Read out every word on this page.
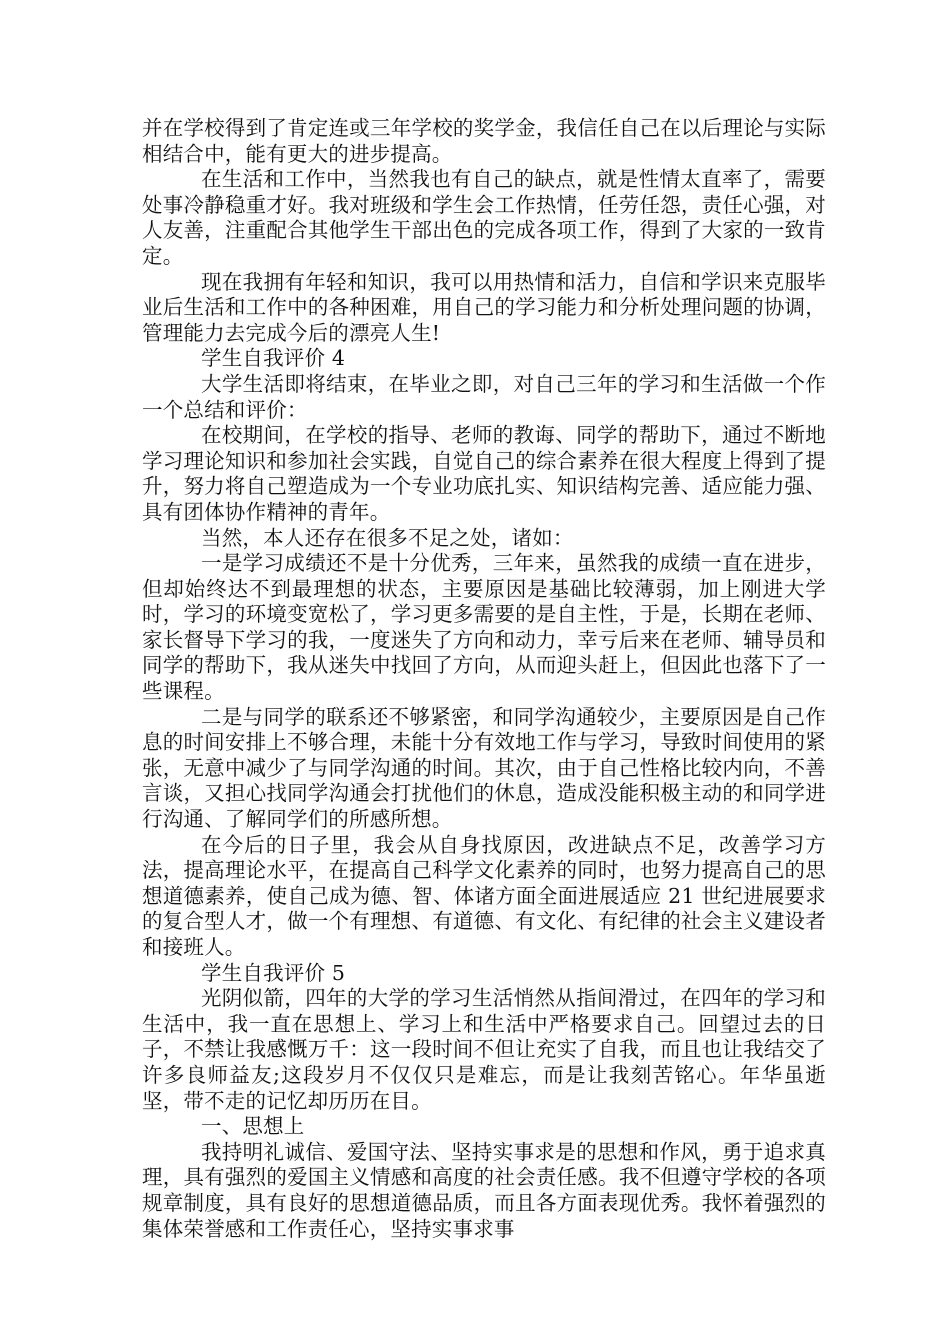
并在学校得到了肯定连或三年学校的奖学金，我信任自己在以后理论与实际相结合中，能有更大的进步提高。

在生活和工作中，当然我也有自己的缺点，就是性情太直率了，需要处事冷静稳重才好。我对班级和学生会工作热情，任劳任怨，责任心强，对人友善，注重配合其他学生干部出色的完成各项工作，得到了大家的一致肯定。

现在我拥有年轻和知识，我可以用热情和活力，自信和学识来克服毕业后生活和工作中的各种困难，用自己的学习能力和分析处理问题的协调，管理能力去完成今后的漂亮人生!

学生自我评价 4

大学生活即将结束，在毕业之即，对自己三年的学习和生活做一个作一个总结和评价：

在校期间，在学校的指导、老师的教诲、同学的帮助下，通过不断地学习理论知识和参加社会实践，自觉自己的综合素养在很大程度上得到了提升，努力将自己塑造成为一个专业功底扎实、知识结构完善、适应能力强、具有团体协作精神的青年。

当然，本人还存在很多不足之处，诸如：

一是学习成绩还不是十分优秀，三年来，虽然我的成绩一直在进步，但却始终达不到最理想的状态，主要原因是基础比较薄弱，加上刚进大学时，学习的环境变宽松了，学习更多需要的是自主性，于是，长期在老师、家长督导下学习的我，一度迷失了方向和动力，幸亏后来在老师、辅导员和同学的帮助下，我从迷失中找回了方向，从而迎头赶上，但因此也落下了一些课程。

二是与同学的联系还不够紧密，和同学沟通较少，主要原因是自己作息的时间安排上不够合理，未能十分有效地工作与学习，导致时间使用的紧张，无意中减少了与同学沟通的时间。其次，由于自己性格比较内向，不善言谈，又担心找同学沟通会打扰他们的休息，造成没能积极主动的和同学进行沟通、了解同学们的所感所想。

在今后的日子里，我会从自身找原因，改进缺点不足，改善学习方法，提高理论水平，在提高自己科学文化素养的同时，也努力提高自己的思想道德素养，使自己成为德、智、体诸方面全面进展适应 21 世纪进展要求的复合型人才，做一个有理想、有道德、有文化、有纪律的社会主义建设者和接班人。

学生自我评价 5

光阴似箭，四年的大学的学习生活悄然从指间滑过，在四年的学习和生活中，我一直在思想上、学习上和生活中严格要求自己。回望过去的日子，不禁让我感慨万千：这一段时间不但让充实了自我，而且也让我结交了许多良师益友;这段岁月不仅仅只是难忘，而是让我刻苦铭心。年华虽逝坚，带不走的记忆却历历在目。

一、思想上

我持明礼诚信、爱国守法、坚持实事求是的思想和作风，勇于追求真理，具有强烈的爱国主义情感和高度的社会责任感。我不但遵守学校的各项规章制度，具有良好的思想道德品质，而且各方面表现优秀。我怀着强烈的集体荣誉感和工作责任心，坚持实事求事
